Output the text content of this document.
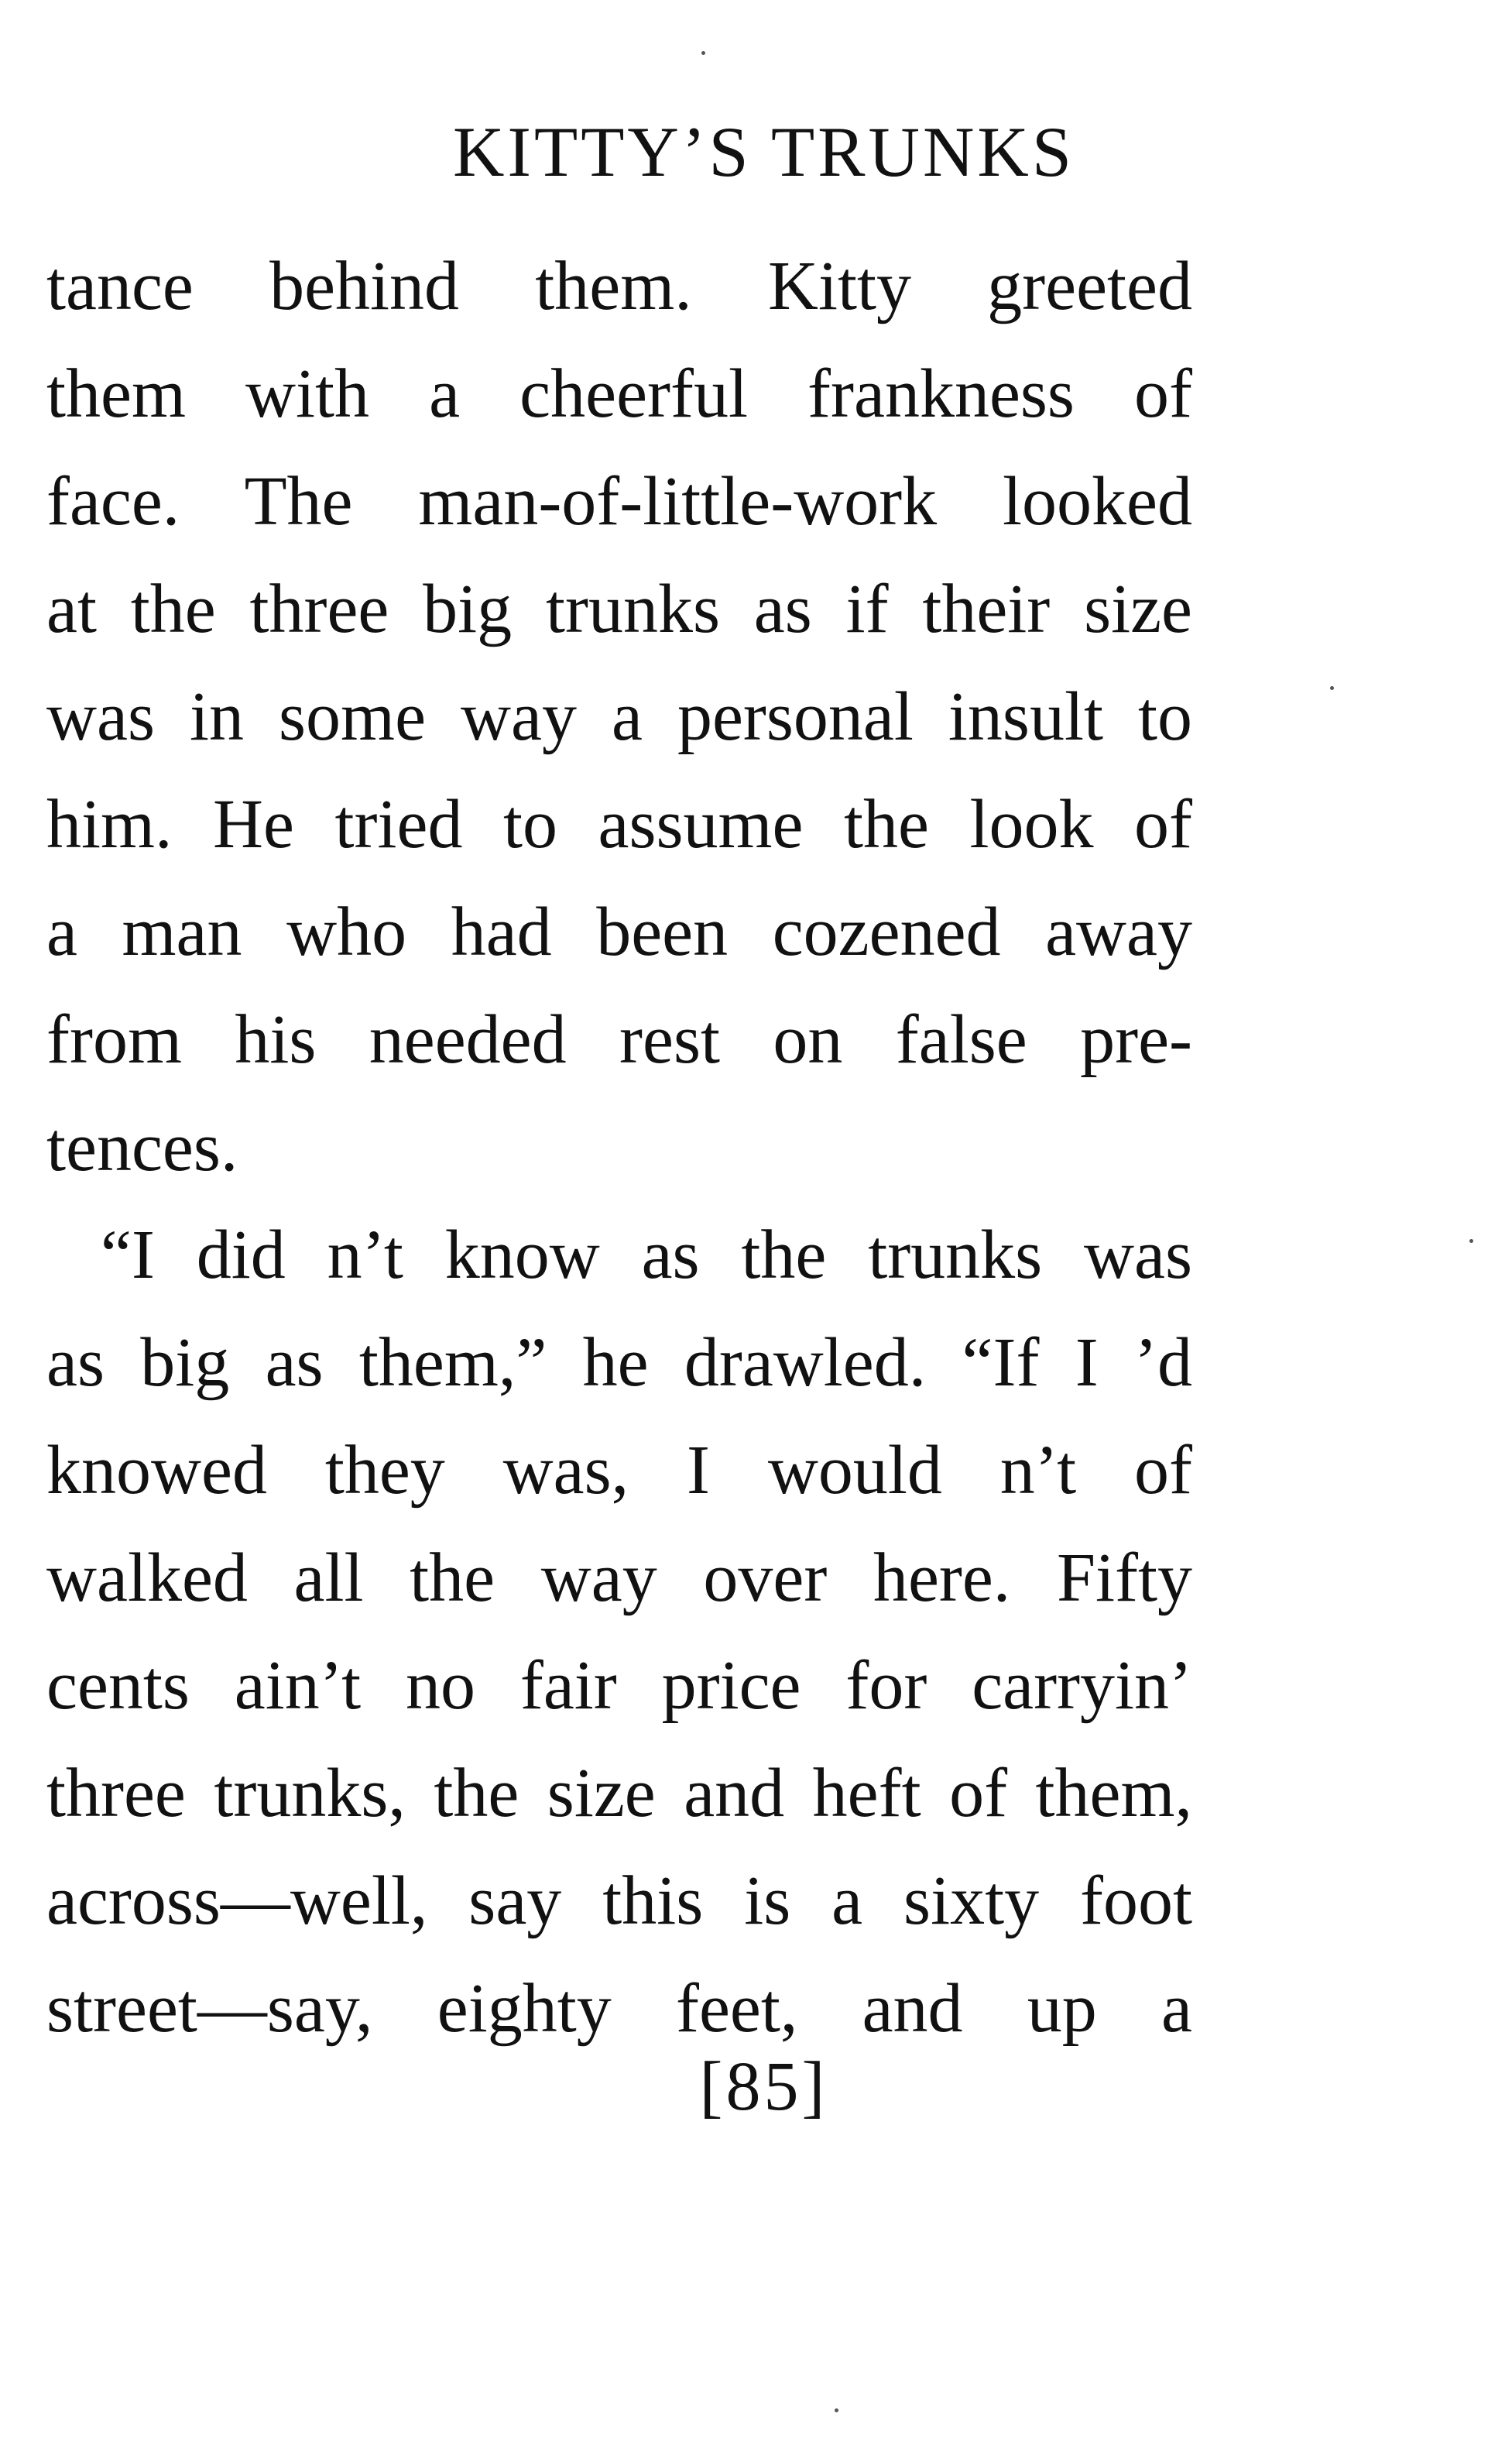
KITTY’S TRUNKS
tance behind them. Kitty greeted
them with a cheerful frankness of
face. The man-of-little-work looked
at the three big trunks as if their size
was in some way a personal insult to
him. He tried to assume the look of
a man who had been cozened away
from his needed rest on false pre-
tences.
“I did n’t know as the trunks was
as big as them,” he drawled. “If I ’d
knowed they was, I would n’t of
walked all the way over here. Fifty
cents ain’t no fair price for carryin’
three trunks, the size and heft of them,
across—well, say this is a sixty foot
street—say, eighty feet, and up a
[85]
